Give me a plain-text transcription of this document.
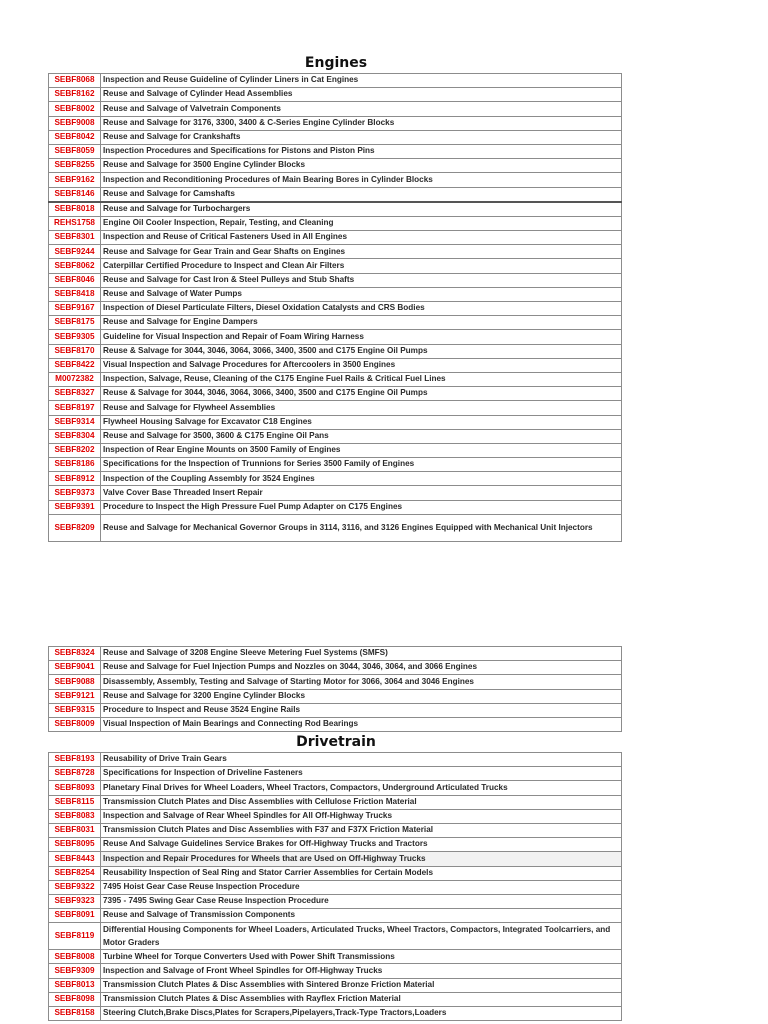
Engines
SEBF8068	Inspection and Reuse Guideline of Cylinder Liners in Cat Engines
SEBF8162	Reuse and Salvage of Cylinder Head Assemblies
SEBF8002	Reuse and Salvage of Valvetrain Components
SEBF9008	Reuse and Salvage for 3176, 3300, 3400 & C-Series Engine Cylinder Blocks
SEBF8042	Reuse and Salvage for Crankshafts
SEBF8059	Inspection Procedures and Specifications for Pistons and Piston Pins
SEBF8255	Reuse and Salvage for 3500 Engine Cylinder Blocks
SEBF9162	Inspection and Reconditioning Procedures of Main Bearing Bores in Cylinder Blocks
SEBF8146	Reuse and Salvage for Camshafts
SEBF8018	Reuse and Salvage for Turbochargers
REHS1758	Engine Oil Cooler Inspection, Repair, Testing, and Cleaning
SEBF8301	Inspection and Reuse of Critical Fasteners Used in All Engines
SEBF9244	Reuse and Salvage for Gear Train and Gear Shafts on Engines
SEBF8062	Caterpillar Certified Procedure to Inspect and Clean Air Filters
SEBF8046	Reuse and Salvage for Cast Iron & Steel Pulleys and Stub Shafts
SEBF8418	Reuse and Salvage of Water Pumps
SEBF9167	Inspection of Diesel Particulate Filters, Diesel Oxidation Catalysts and CRS Bodies
SEBF8175	Reuse and Salvage for Engine Dampers
SEBF9305	Guideline for Visual Inspection and Repair of Foam Wiring Harness
SEBF8170	Reuse & Salvage for 3044, 3046, 3064, 3066, 3400, 3500 and C175 Engine Oil Pumps
SEBF8422	Visual Inspection and Salvage Procedures for Aftercoolers in 3500 Engines
M0072382	Inspection, Salvage, Reuse, Cleaning of the C175 Engine Fuel Rails & Critical Fuel Lines
SEBF8327	Reuse & Salvage for 3044, 3046, 3064, 3066, 3400, 3500 and C175 Engine Oil Pumps
SEBF8197	Reuse and Salvage for Flywheel Assemblies
SEBF9314	Flywheel Housing Salvage for Excavator C18 Engines
SEBF8304	Reuse and Salvage for 3500, 3600 & C175 Engine Oil Pans
SEBF8202	Inspection of Rear Engine Mounts on 3500 Family of Engines
SEBF8186	Specifications for the Inspection of Trunnions for Series 3500 Family of Engines
SEBF8912	Inspection of the Coupling Assembly for 3524 Engines
SEBF9373	Valve Cover Base Threaded Insert Repair
SEBF9391	Procedure to Inspect the High Pressure Fuel Pump Adapter on C175 Engines
SEBF8209	Reuse and Salvage for Mechanical Governor Groups in 3114, 3116, and 3126 Engines Equipped with Mechanical Unit Injectors
SEBF8324	Reuse and Salvage of 3208 Engine Sleeve Metering Fuel Systems (SMFS)
SEBF9041	Reuse and Salvage for Fuel Injection Pumps and Nozzles on 3044, 3046, 3064, and 3066 Engines
SEBF9088	Disassembly, Assembly, Testing and Salvage of Starting Motor for 3066, 3064 and 3046 Engines
SEBF9121	Reuse and Salvage for 3200 Engine Cylinder Blocks
SEBF9315	Procedure to Inspect and Reuse 3524 Engine Rails
SEBF8009	Visual Inspection of Main Bearings and Connecting Rod Bearings
Drivetrain
SEBF8193	Reusability of Drive Train Gears
SEBF8728	Specifications for Inspection of Driveline Fasteners
SEBF8093	Planetary Final Drives for Wheel Loaders, Wheel Tractors, Compactors, Underground Articulated Trucks
SEBF8115	Transmission Clutch Plates and Disc Assemblies with Cellulose Friction Material
SEBF8083	Inspection and Salvage of Rear Wheel Spindles for All Off-Highway Trucks
SEBF8031	Transmission Clutch Plates and Disc Assemblies with F37 and F37X Friction Material
SEBF8095	Reuse And Salvage Guidelines Service Brakes for Off-Highway Trucks and Tractors
SEBF8443	Inspection and Repair Procedures for Wheels that are Used on Off-Highway Trucks
SEBF8254	Reusability Inspection of Seal Ring and Stator Carrier Assemblies for Certain Models
SEBF9322	7495 Hoist Gear Case Reuse Inspection Procedure
SEBF9323	7395 - 7495 Swing Gear Case Reuse Inspection Procedure
SEBF8091	Reuse and Salvage of Transmission Components
SEBF8119	Differential Housing Components for Wheel Loaders, Articulated Trucks, Wheel Tractors, Compactors, Integrated Toolcarriers, and Motor Graders
SEBF8008	Turbine Wheel for Torque Converters Used with Power Shift Transmissions
SEBF9309	Inspection and Salvage of Front Wheel Spindles for Off-Highway Trucks
SEBF8013	Transmission Clutch Plates & Disc Assemblies with Sintered Bronze Friction Material
SEBF8098	Transmission Clutch Plates & Disc Assemblies with Rayflex Friction Material
SEBF8158	Steering Clutch,Brake Discs,Plates for Scrapers,Pipelayers,Track-Type Tractors,Loaders
